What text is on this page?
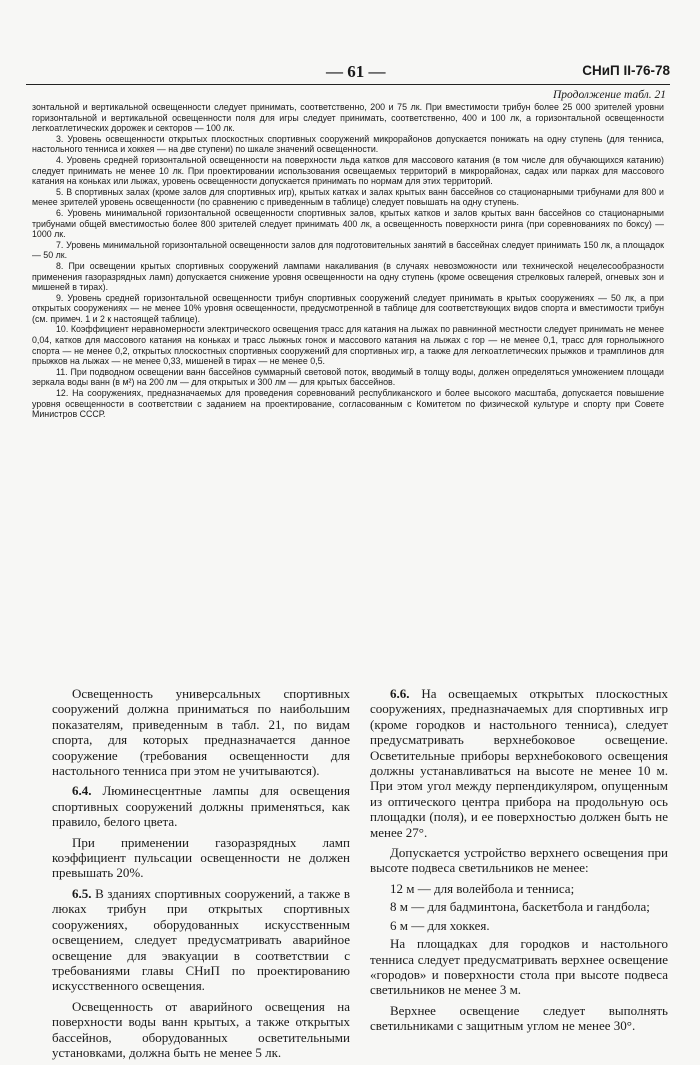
— 61 —	СНиП II-76-78
Продолжение табл. 21

зонтальной и вертикальной освещенности следует принимать, соответственно, 200 и 75 лк. При вместимости трибун более 25 000 зрителей уровни горизонтальной и вертикальной освещенности поля для игры следует принимать, соответственно, 400 и 100 лк, а горизонтальной освещенности легкоатлетических дорожек и секторов — 100 лк.

3. Уровень освещенности открытых плоскостных спортивных сооружений микрорайонов допускается понижать на одну ступень (для тенниса, настольного тенниса и хоккея — на две ступени) по шкале значений освещенности.

4. Уровень средней горизонтальной освещенности на поверхности льда катков для массового катания (в том числе для обучающихся катанию) следует принимать не менее 10 лк. При проектировании использования освещаемых территорий в микрорайонах, садах или парках для массового катания на коньках или лыжах, уровень освещенности допускается принимать по нормам для этих территорий.

5. В спортивных залах (кроме залов для спортивных игр), крытых катках и залах крытых ванн бассейнов со стационарными трибунами для 800 и менее зрителей уровень освещенности (по сравнению с приведенным в таблице) следует повышать на одну ступень.

6. Уровень минимальной горизонтальной освещенности спортивных залов, крытых катков и залов крытых ванн бассейнов со стационарными трибунами общей вместимостью более 800 зрителей следует принимать 400 лк, а освещенность поверхности ринга (при соревнованиях по боксу) — 1000 лк.

7. Уровень минимальной горизонтальной освещенности залов для подготовительных занятий в бассейнах следует принимать 150 лк, а площадок — 50 лк.

8. При освещении крытых спортивных сооружений лампами накаливания (в случаях невозможности или технической нецелесообразности применения газоразрядных ламп) допускается снижение уровня освещенности на одну ступень (кроме освещения стрелковых галерей, огневых зон и мишеней в тирах).

9. Уровень средней горизонтальной освещенности трибун спортивных сооружений следует принимать в крытых сооружениях — 50 лк, а при открытых сооружениях — не менее 10% уровня освещенности, предусмотренной в таблице для соответствующих видов спорта и вместимости трибун (см. примеч. 1 и 2 к настоящей таблице).

10. Коэффициент неравномерности электрического освещения трасс для катания на лыжах по равнинной местности следует принимать не менее 0,04, катков для массового катания на коньках и трасс лыжных гонок и массового катания на лыжах с гор — не менее 0,1, трасс для горнолыжного спорта — не менее 0,2, открытых плоскостных спортивных сооружений для спортивных игр, а также для легкоатлетических прыжков и трамплинов для прыжков на лыжах — не менее 0,33, мишеней в тирах — не менее 0,5.

11. При подводном освещении ванн бассейнов суммарный световой поток, вводимый в толщу воды, должен определяться умножением площади зеркала воды ванн (в м²) на 200 лм — для открытых и 300 лм — для крытых бассейнов.

12. На сооружениях, предназначаемых для проведения соревнований республиканского и более высокого масштаба, допускается повышение уровня освещенности в соответствии с заданием на проектирование, согласованным с Комитетом по физической культуре и спорту при Совете Министров СССР.

Освещенность универсальных спортивных сооружений должна приниматься по наибольшим показателям, приведенным в табл. 21, по видам спорта, для которых предназначается данное сооружение (требования освещенности для настольного тенниса при этом не учитываются).

6.4. Люминесцентные лампы для освещения спортивных сооружений должны применяться, как правило, белого цвета.

При применении газоразрядных ламп коэффициент пульсации освещенности не должен превышать 20%.

6.5. В зданиях спортивных сооружений, а также в люках трибун при открытых спортивных сооружениях, оборудованных искусственным освещением, следует предусматривать аварийное освещение для эвакуации в соответствии с требованиями главы СНиП по проектированию искусственного освещения.

Освещенность от аварийного освещения на поверхности воды ванн крытых, а также открытых бассейнов, оборудованных осветительными установками, должна быть не менее 5 лк.

6.6. На освещаемых открытых плоскостных сооружениях, предназначаемых для спортивных игр (кроме городков и настольного тенниса), следует предусматривать верхнебоковое освещение. Осветительные приборы верхнебокового освещения должны устанавливаться на высоте не менее 10 м. При этом угол между перпендикуляром, опущенным из оптического центра прибора на продольную ось площадки (поля), и ее поверхностью должен быть не менее 27°.

Допускается устройство верхнего освещения при высоте подвеса светильников не менее:

12 м — для волейбола и тенниса;

8 м — для бадминтона, баскетбола и гандбола;

6 м — для хоккея.

На площадках для городков и настольного тенниса следует предусматривать верхнее освещение «городов» и поверхности стола при высоте подвеса светильников не менее 3 м.

Верхнее освещение следует выполнять светильниками с защитным углом не менее 30°.
